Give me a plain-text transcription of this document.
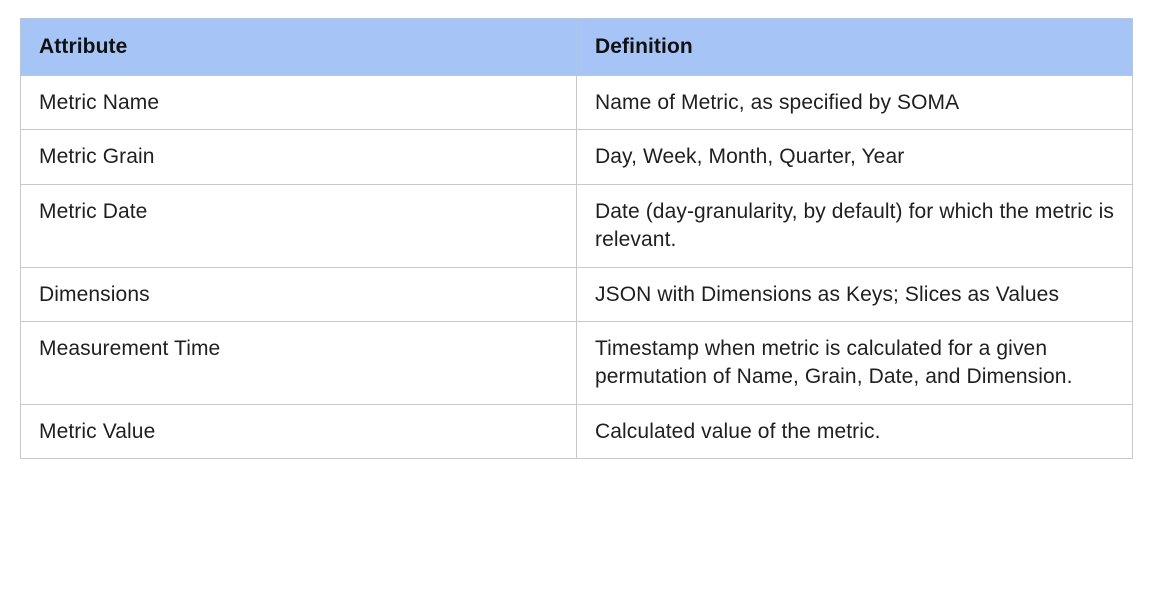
Attribute	Definition

Metric Name	Name of Metric, as specified by SOMA

Metric Grain	Day, Week, Month, Quarter, Year

Metric Date	Date (day-granularity, by default) for which the metric is relevant.

Dimensions	JSON with Dimensions as Keys; Slices as Values

Measurement Time	Timestamp when metric is calculated for a given permutation of Name, Grain, Date, and Dimension.

Metric Value	Calculated value of the metric.
